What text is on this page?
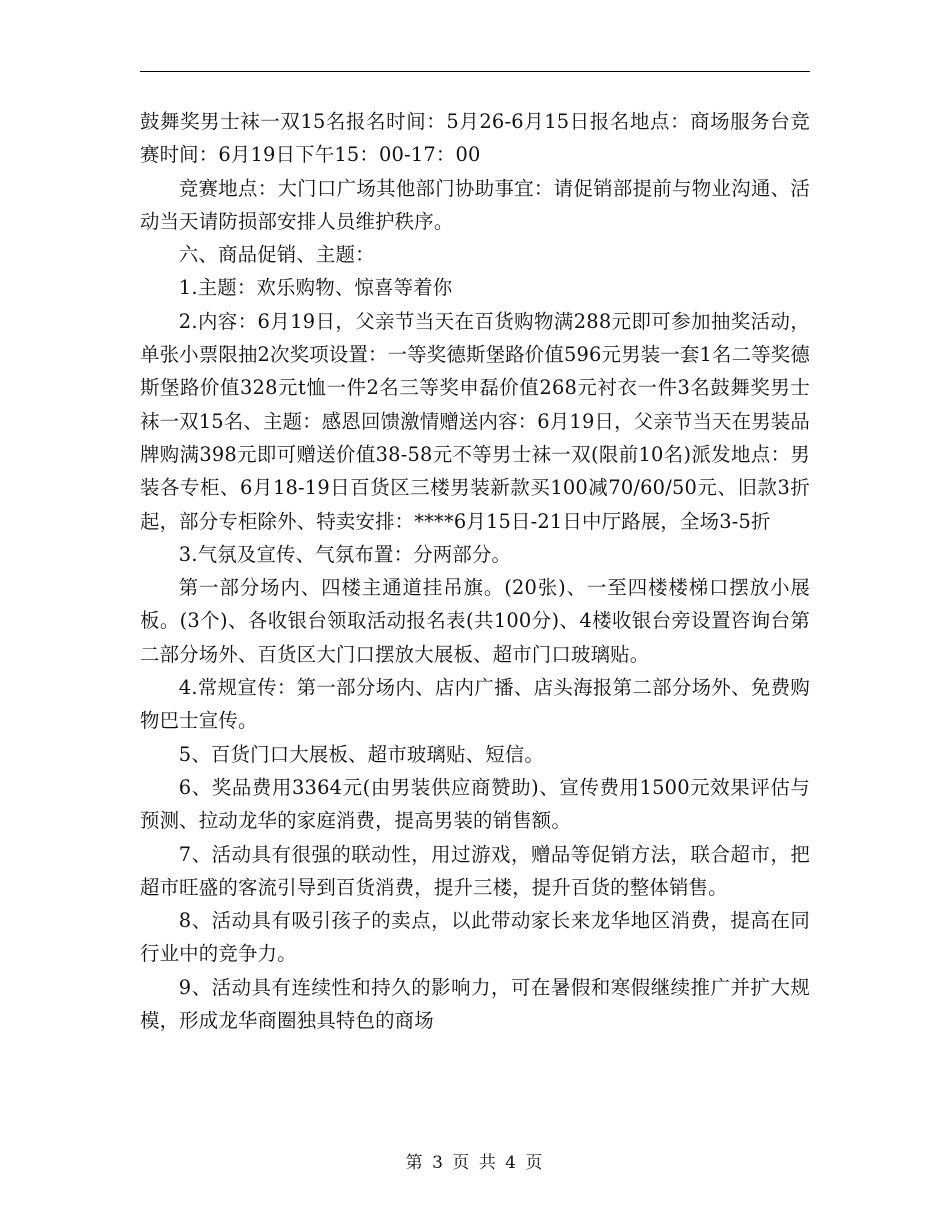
鼓舞奖男士袜一双15名报名时间：5月26-6月15日报名地点：商场服务台竞赛时间：6月19日下午15：00-17：00

竞赛地点：大门口广场其他部门协助事宜：请促销部提前与物业沟通、活动当天请防损部安排人员维护秩序。

六、商品促销、主题：

1.主题：欢乐购物、惊喜等着你

2.内容：6月19日，父亲节当天在百货购物满288元即可参加抽奖活动，单张小票限抽2次奖项设置：一等奖德斯堡路价值596元男装一套1名二等奖德斯堡路价值328元t恤一件2名三等奖申磊价值268元衬衣一件3名鼓舞奖男士袜一双15名、主题：感恩回馈激情赠送内容：6月19日，父亲节当天在男装品牌购满398元即可赠送价值38-58元不等男士袜一双(限前10名)派发地点：男装各专柜、6月18-19日百货区三楼男装新款买100减70/60/50元、旧款3折起，部分专柜除外、特卖安排：****6月15日-21日中厅路展，全场3-5折

3.气氛及宣传、气氛布置：分两部分。

第一部分场内、四楼主通道挂吊旗。(20张)、一至四楼楼梯口摆放小展板。(3个)、各收银台领取活动报名表(共100分)、4楼收银台旁设置咨询台第二部分场外、百货区大门口摆放大展板、超市门口玻璃贴。

4.常规宣传：第一部分场内、店内广播、店头海报第二部分场外、免费购物巴士宣传。

5、百货门口大展板、超市玻璃贴、短信。

6、奖品费用3364元(由男装供应商赞助)、宣传费用1500元效果评估与预测、拉动龙华的家庭消费，提高男装的销售额。

7、活动具有很强的联动性，用过游戏，赠品等促销方法，联合超市，把超市旺盛的客流引导到百货消费，提升三楼，提升百货的整体销售。

8、活动具有吸引孩子的卖点，以此带动家长来龙华地区消费，提高在同行业中的竞争力。

9、活动具有连续性和持久的影响力，可在暑假和寒假继续推广并扩大规模，形成龙华商圈独具特色的商场

第 3 页 共 4 页
